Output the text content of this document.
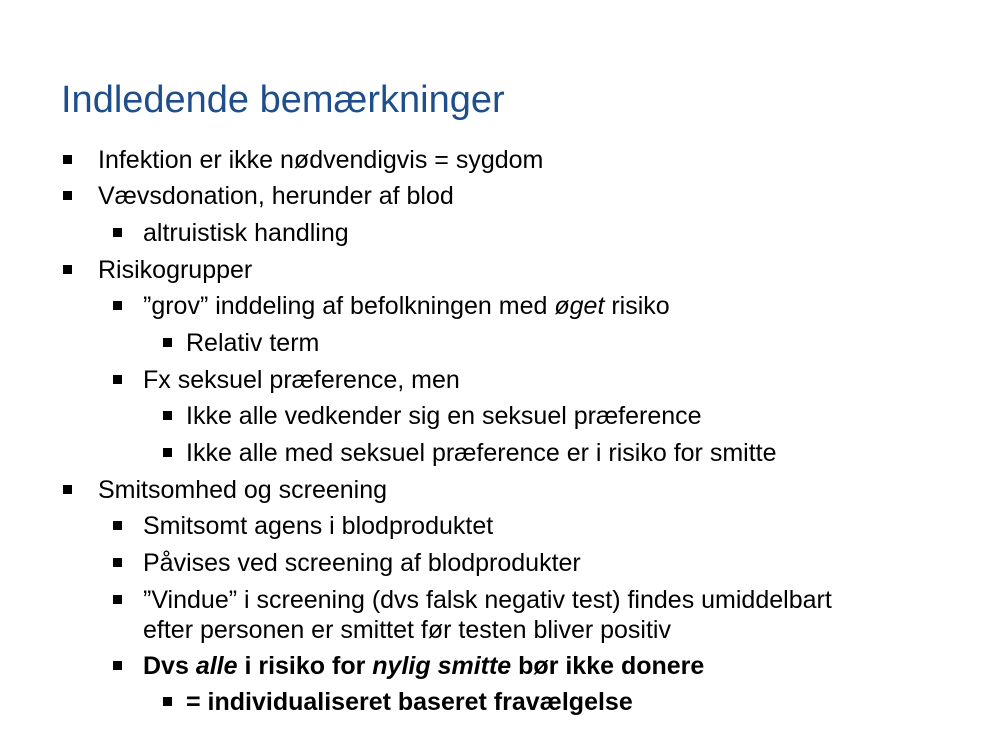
Indledende bemærkninger
Infektion er ikke nødvendigvis = sygdom
Vævsdonation, herunder af blod
altruistisk handling
Risikogrupper
”grov” inddeling af befolkningen med øget risiko
Relativ term
Fx seksuel præference, men
Ikke alle vedkender sig en seksuel præference
Ikke alle med seksuel præference er i risiko for smitte
Smitsomhed og screening
Smitsomt agens i blodproduktet
Påvises ved screening af blodprodukter
”Vindue” i screening (dvs falsk negativ test) findes umiddelbart
efter personen er smittet før testen bliver positiv
Dvs alle i risiko for nylig smitte bør ikke donere
= individualiseret baseret fravælgelse
